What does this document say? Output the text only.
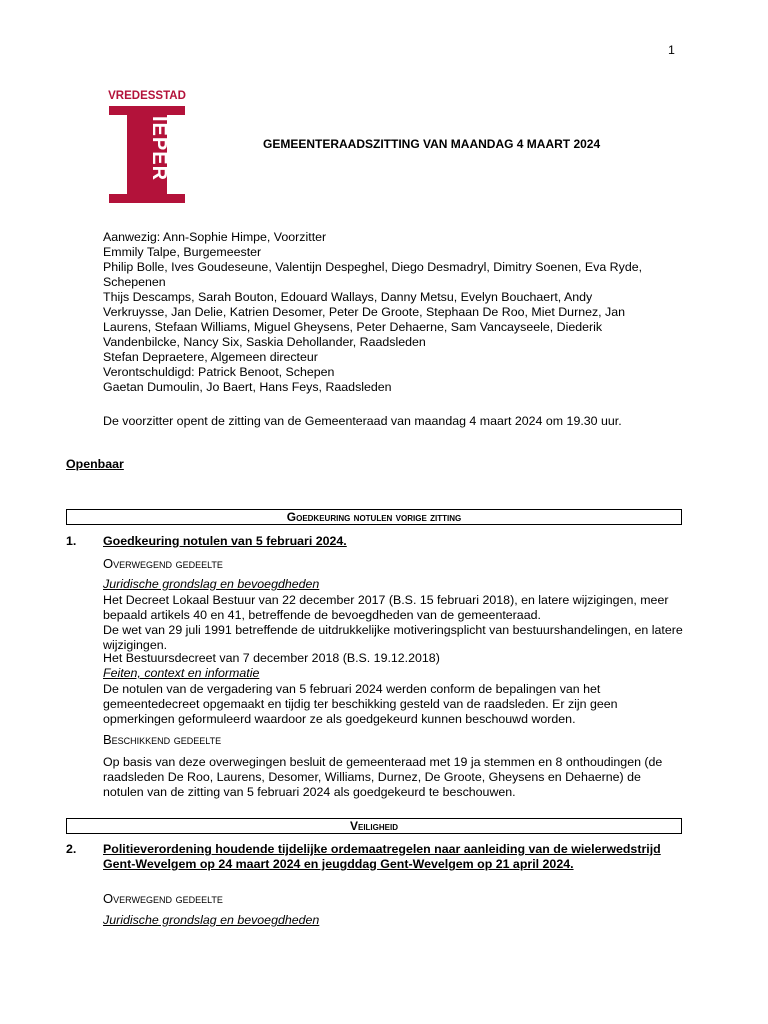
1
VREDESSTAD
IEPER	GEMEENTERAADSZITTING VAN MAANDAG 4 MAART 2024
Aanwezig: Ann-Sophie Himpe, Voorzitter
Emmily Talpe, Burgemeester
Philip Bolle, Ives Goudeseune, Valentijn Despeghel, Diego Desmadryl, Dimitry Soenen, Eva Ryde,
Schepenen
Thijs Descamps, Sarah Bouton, Edouard Wallays, Danny Metsu, Evelyn Bouchaert, Andy
Verkruysse, Jan Delie, Katrien Desomer, Peter De Groote, Stephaan De Roo, Miet Durnez, Jan
Laurens, Stefaan Williams, Miguel Gheysens, Peter Dehaerne, Sam Vancayseele, Diederik
Vandenbilcke, Nancy Six, Saskia Dehollander, Raadsleden
Stefan Depraetere, Algemeen directeur
Verontschuldigd: Patrick Benoot, Schepen
Gaetan Dumoulin, Jo Baert, Hans Feys, Raadsleden
De voorzitter opent de zitting van de Gemeenteraad van maandag 4 maart 2024 om 19.30 uur.
Openbaar
Goedkeuring notulen vorige zitting
1. Goedkeuring notulen van 5 februari 2024.
Overwegend gedeelte
Juridische grondslag en bevoegdheden
Het Decreet Lokaal Bestuur van 22 december 2017 (B.S. 15 februari 2018), en latere wijzigingen, meer bepaald artikels 40 en 41, betreffende de bevoegdheden van de gemeenteraad.
De wet van 29 juli 1991 betreffende de uitdrukkelijke motiveringsplicht van bestuurshandelingen, en latere wijzigingen.
Het Bestuursdecreet van 7 december 2018 (B.S. 19.12.2018)
Feiten, context en informatie
De notulen van de vergadering van 5 februari 2024 werden conform de bepalingen van het gemeentedecreet opgemaakt en tijdig ter beschikking gesteld van de raadsleden. Er zijn geen opmerkingen geformuleerd waardoor ze als goedgekeurd kunnen beschouwd worden.
Beschikkend gedeelte
Op basis van deze overwegingen besluit de gemeenteraad met 19 ja stemmen en 8 onthoudingen (de raadsleden De Roo, Laurens, Desomer, Williams, Durnez, De Groote, Gheysens en Dehaerne) de notulen van de zitting van 5 februari 2024 als goedgekeurd te beschouwen.
Veiligheid
2. Politieverordening houdende tijdelijke ordemaatregelen naar aanleiding van de wielerwedstrijd Gent-Wevelgem op 24 maart 2024 en jeugddag Gent-Wevelgem op 21 april 2024.
Overwegend gedeelte
Juridische grondslag en bevoegdheden
